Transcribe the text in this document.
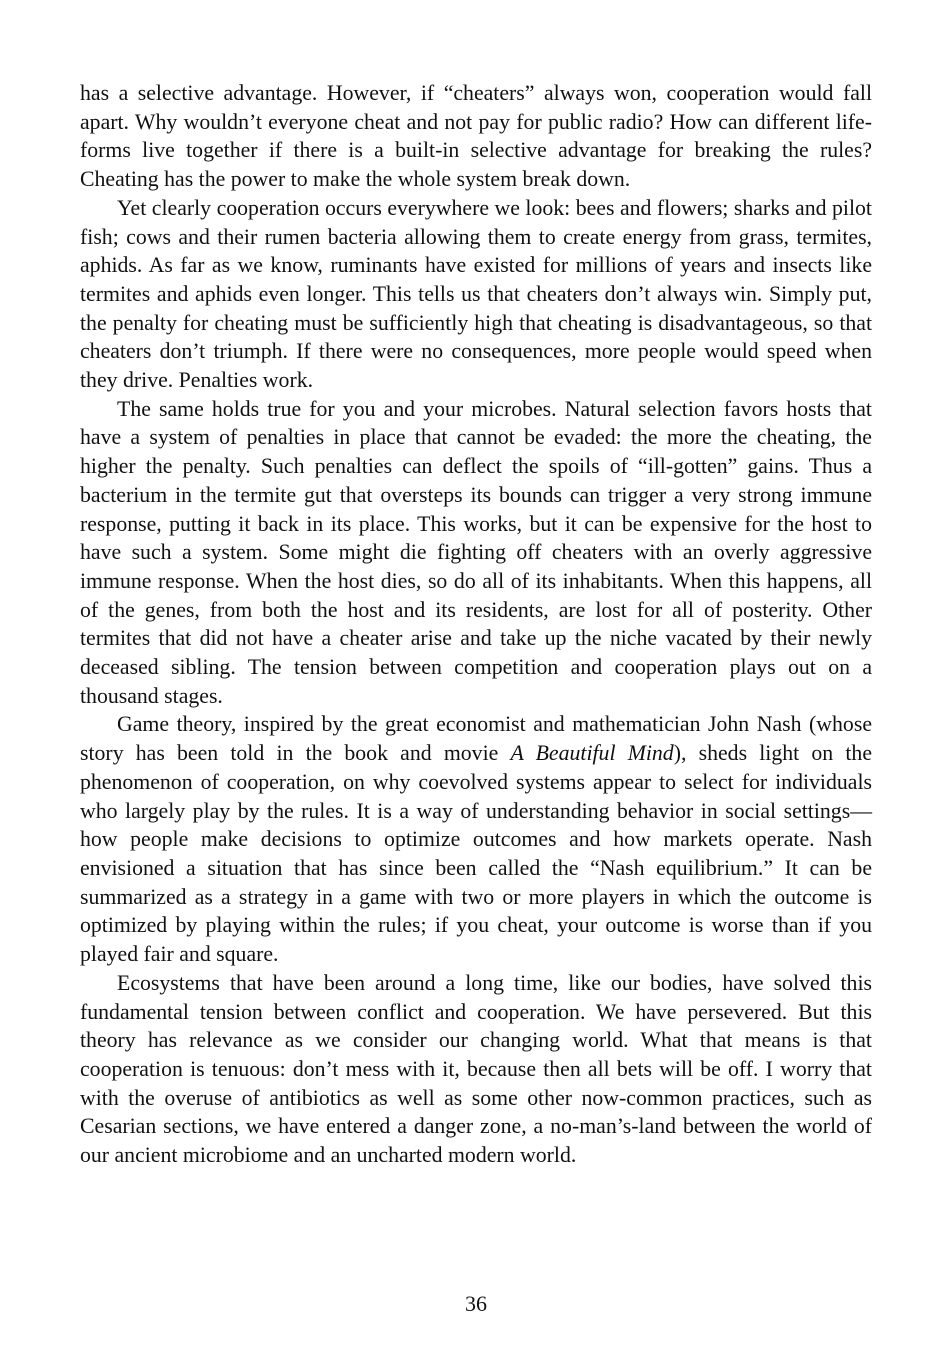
has a selective advantage. However, if “cheaters” always won, cooperation would fall apart. Why wouldn’t everyone cheat and not pay for public radio? How can different life-forms live together if there is a built-in selective advantage for breaking the rules? Cheating has the power to make the whole system break down.

Yet clearly cooperation occurs everywhere we look: bees and flowers; sharks and pilot fish; cows and their rumen bacteria allowing them to create energy from grass, termites, aphids. As far as we know, ruminants have existed for millions of years and insects like termites and aphids even longer. This tells us that cheaters don’t always win. Simply put, the penalty for cheating must be sufficiently high that cheating is disadvantageous, so that cheaters don’t triumph. If there were no consequences, more people would speed when they drive. Penalties work.

The same holds true for you and your microbes. Natural selection favors hosts that have a system of penalties in place that cannot be evaded: the more the cheating, the higher the penalty. Such penalties can deflect the spoils of “ill-gotten” gains. Thus a bacterium in the termite gut that oversteps its bounds can trigger a very strong immune response, putting it back in its place. This works, but it can be expensive for the host to have such a system. Some might die fighting off cheaters with an overly aggressive immune response. When the host dies, so do all of its inhabitants. When this happens, all of the genes, from both the host and its residents, are lost for all of posterity. Other termites that did not have a cheater arise and take up the niche vacated by their newly deceased sibling. The tension between competition and cooperation plays out on a thousand stages.

Game theory, inspired by the great economist and mathematician John Nash (whose story has been told in the book and movie A Beautiful Mind), sheds light on the phenomenon of cooperation, on why coevolved systems appear to select for individuals who largely play by the rules. It is a way of understanding behavior in social settings—how people make decisions to optimize outcomes and how markets operate. Nash envisioned a situation that has since been called the “Nash equilibrium.” It can be summarized as a strategy in a game with two or more players in which the outcome is optimized by playing within the rules; if you cheat, your outcome is worse than if you played fair and square.

Ecosystems that have been around a long time, like our bodies, have solved this fundamental tension between conflict and cooperation. We have persevered. But this theory has relevance as we consider our changing world. What that means is that cooperation is tenuous: don’t mess with it, because then all bets will be off. I worry that with the overuse of antibiotics as well as some other now-common practices, such as Cesarian sections, we have entered a danger zone, a no-man’s-land between the world of our ancient microbiome and an uncharted modern world.

36
